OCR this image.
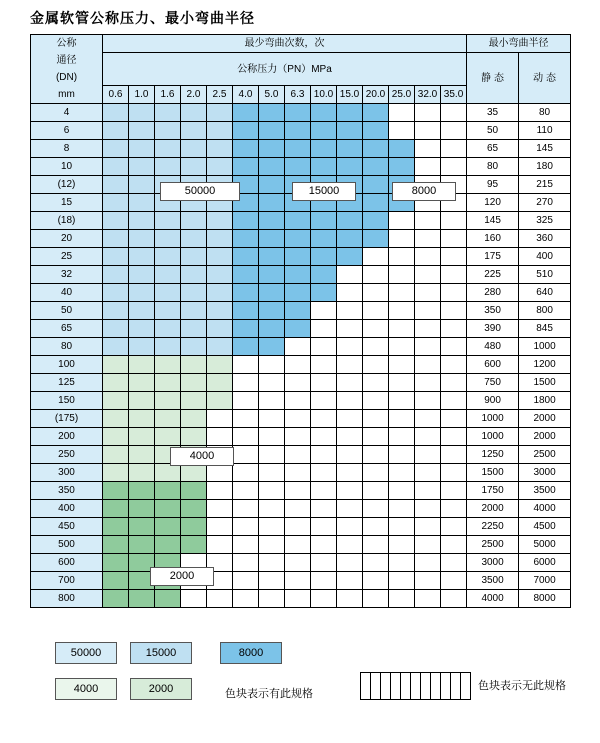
金属软管公称压力、最小弯曲半径
公称
通径
(DN)
mm	最少弯曲次数，次														最小弯曲半径	
	公称压力（PN）MPa														静 态	动 态
	0.6	1.0	1.6	2.0	2.5	4.0	5.0	6.3	10.0	15.0	20.0	25.0	32.0	35.0		
4															35	80
6															50	110
8															65	145
10															80	180
(12)															95	215
15															120	270
(18)															145	325
20															160	360
25															175	400
32															225	510
40															280	640
50															350	800
65															390	845
80															480	1000
100															600	1200
125															750	1500
150															900	1800
(175)															1000	2000
200															1000	2000
250															1250	2500
300															1500	3000
350															1750	3500
400															2000	4000
450															2250	4500
500															2500	5000
600															3000	6000
700															3500	7000
800															4000	8000
50000	15000	8000
4000
2000
50000	15000	8000
4000	2000	色块表示有此规格

色块表示无此规格
